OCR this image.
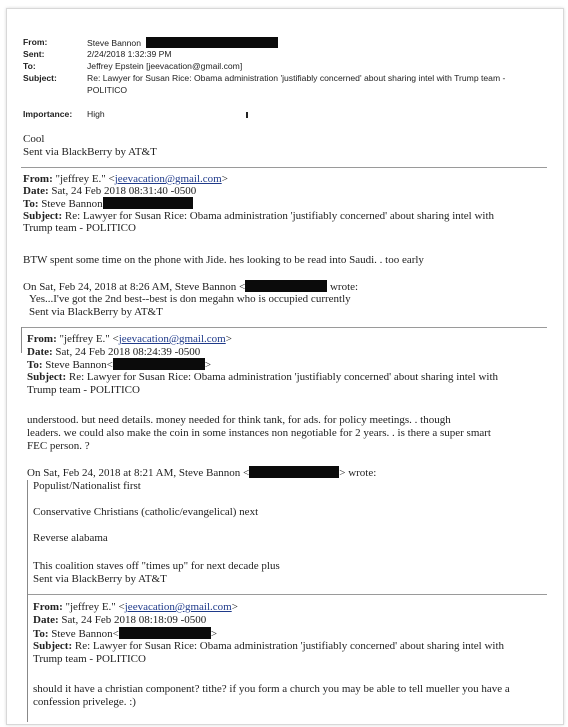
From:	Steve Bannon
Sent:	2/24/2018 1:32:39 PM
To:	Jeffrey Epstein [jeevacation@gmail.com]
Subject:	Re: Lawyer for Susan Rice: Obama administration 'justifiably concerned' about sharing intel with Trump team -
POLITICO
Importance: High
Cool
Sent via BlackBerry by AT&T
From: "jeffrey E." <jeevacation@gmail.com>
Date: Sat, 24 Feb 2018 08:31:40 -0500
To: Steve Bannon
Subject: Re: Lawyer for Susan Rice: Obama administration 'justifiably concerned' about sharing intel with
Trump team - POLITICO
BTW spent some time on the phone with Jide. hes looking to be read into Saudi. . too early
On Sat, Feb 24, 2018 at 8:26 AM, Steve Bannon <	wrote:
Yes...I've got the 2nd best--best is don megahn who is occupied currently
Sent via BlackBerry by AT&T
From: "jeffrey E." <jeevacation@gmail.com>
Date: Sat, 24 Feb 2018 08:24:39 -0500
To: Steve Bannon<	>
Subject: Re: Lawyer for Susan Rice: Obama administration 'justifiably concerned' about sharing intel with
Trump team - POLITICO
understood. but need details. money needed for think tank, for ads. for policy meetings. . though
leaders. we could also make the coin in some instances non negotiable for 2 years. . is there a super smart
FEC person. ?
On Sat, Feb 24, 2018 at 8:21 AM, Steve Bannon <	> wrote:
Populist/Nationalist first
Conservative Christians (catholic/evangelical) next
Reverse alabama
This coalition staves off "times up" for next decade plus
Sent via BlackBerry by AT&T
From: "jeffrey E." <jeevacation@gmail.com>
Date: Sat, 24 Feb 2018 08:18:09 -0500
To: Steve Bannon<	>
Subject: Re: Lawyer for Susan Rice: Obama administration 'justifiably concerned' about sharing intel with
Trump team - POLITICO
should it have a christian component? tithe? if you form a church you may be able to tell mueller you have a
confession privelege. :)
